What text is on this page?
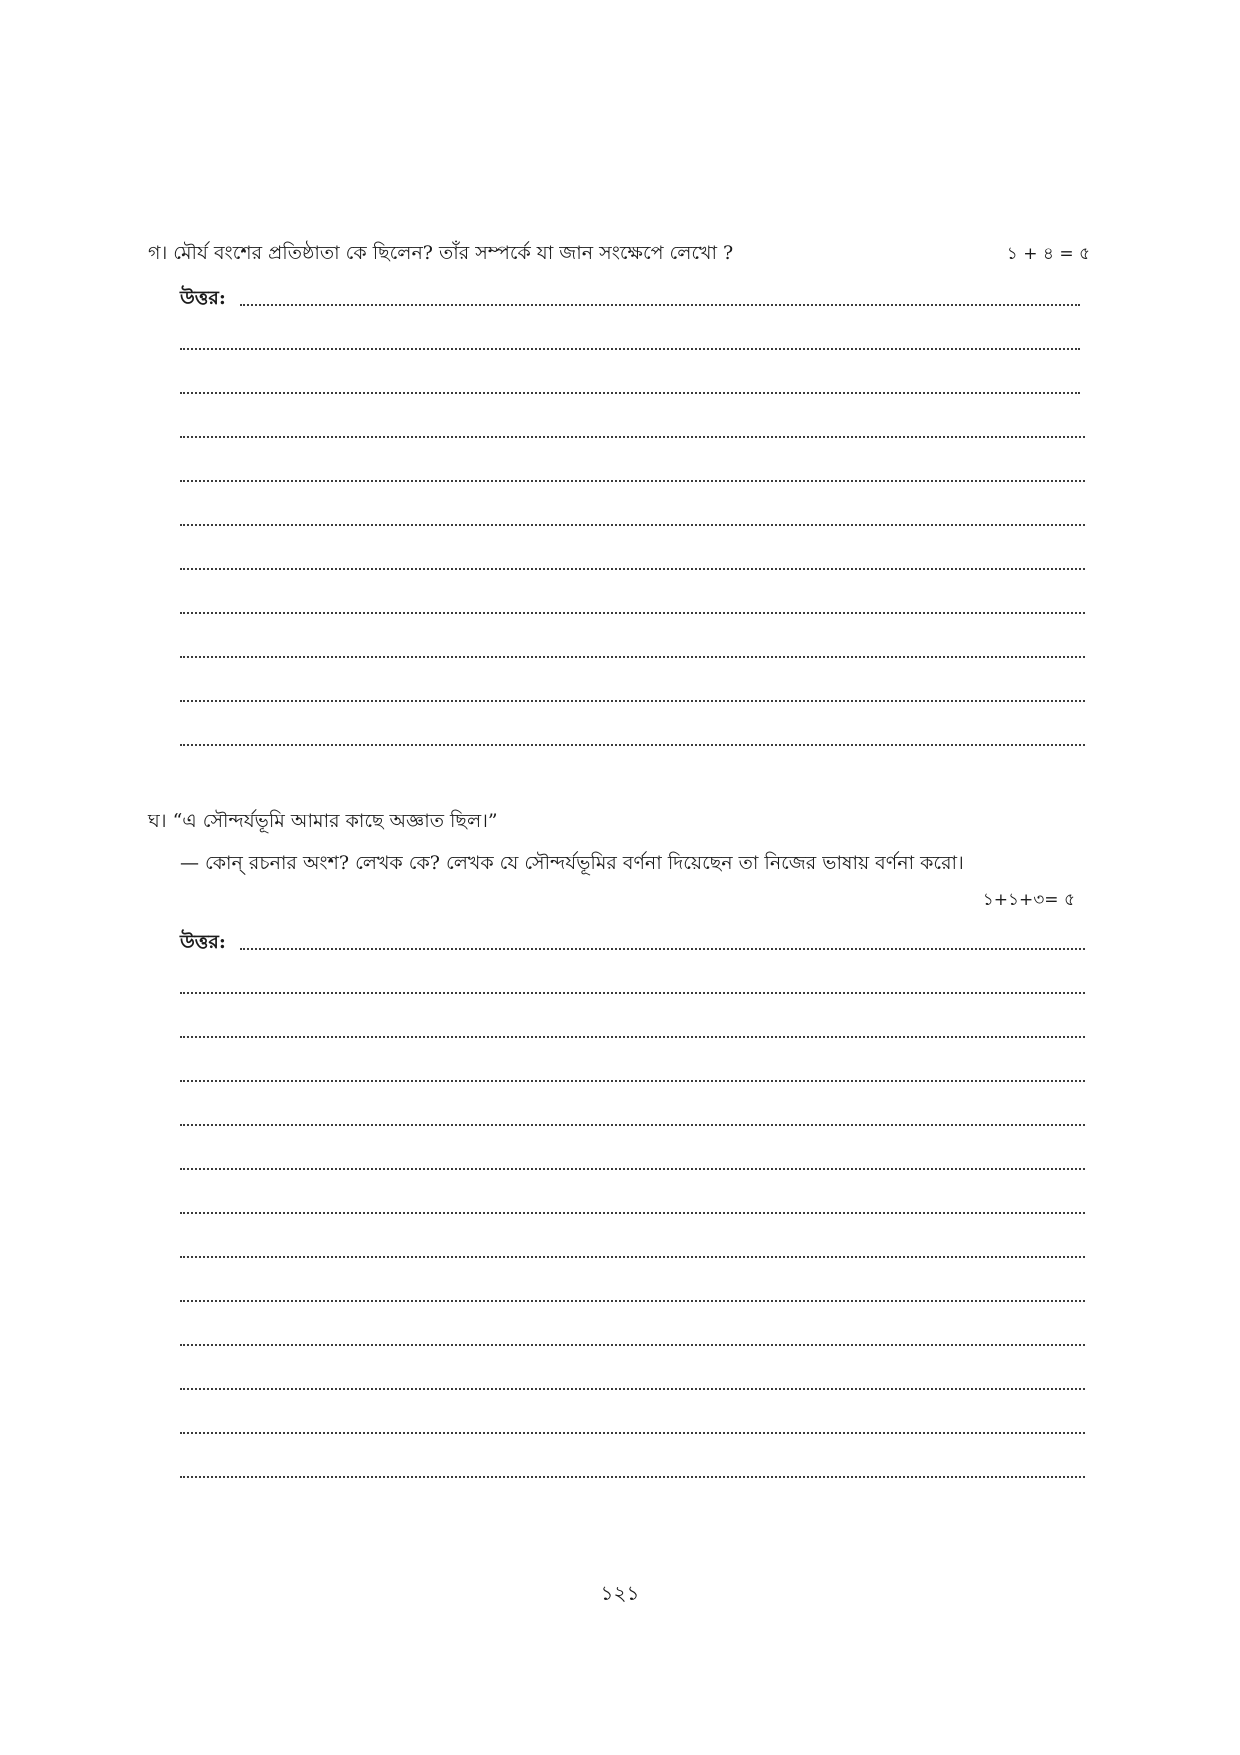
গ। মৌর্য বংশের প্রতিষ্ঠাতা কে ছিলেন? তাঁর সম্পর্কে যা জান সংক্ষেপে লেখো ?	১ + ৪ = ৫
উত্তর:
ঘ। “এ সৌন্দর্যভূমি আমার কাছে অজ্ঞাত ছিল।”
— কোন্ রচনার অংশ? লেখক কে? লেখক যে সৌন্দর্যভূমির বর্ণনা দিয়েছেন তা নিজের ভাষায় বর্ণনা করো।
১+১+৩= ৫
উত্তর:
১২১
